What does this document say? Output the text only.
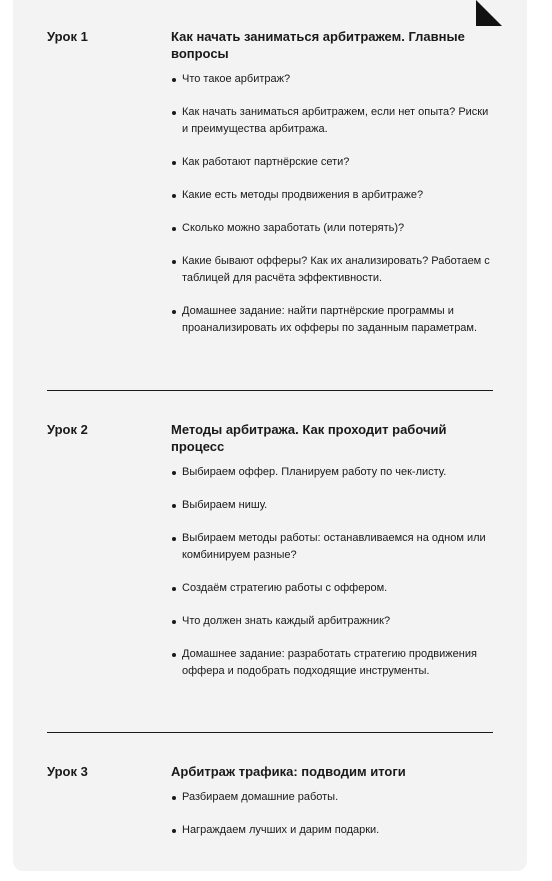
Урок 1	Как начать заниматься арбитражем. Главные вопросы
Что такое арбитраж?
Как начать заниматься арбитражем, если нет опыта? Риски и преимущества арбитража.
Как работают партнёрские сети?
Какие есть методы продвижения в арбитраже?
Сколько можно заработать (или потерять)?
Какие бывают офферы? Как их анализировать? Работаем с таблицей для расчёта эффективности.
Домашнее задание: найти партнёрские программы и проанализировать их офферы по заданным параметрам.
Урок 2	Методы арбитража. Как проходит рабочий процесс
Выбираем оффер. Планируем работу по чек-листу.
Выбираем нишу.
Выбираем методы работы: останавливаемся на одном или комбинируем разные?
Создаём стратегию работы с оффером.
Что должен знать каждый арбитражник?
Домашнее задание: разработать стратегию продвижения оффера и подобрать подходящие инструменты.
Урок 3	Арбитраж трафика: подводим итоги
Разбираем домашние работы.
Награждаем лучших и дарим подарки.
